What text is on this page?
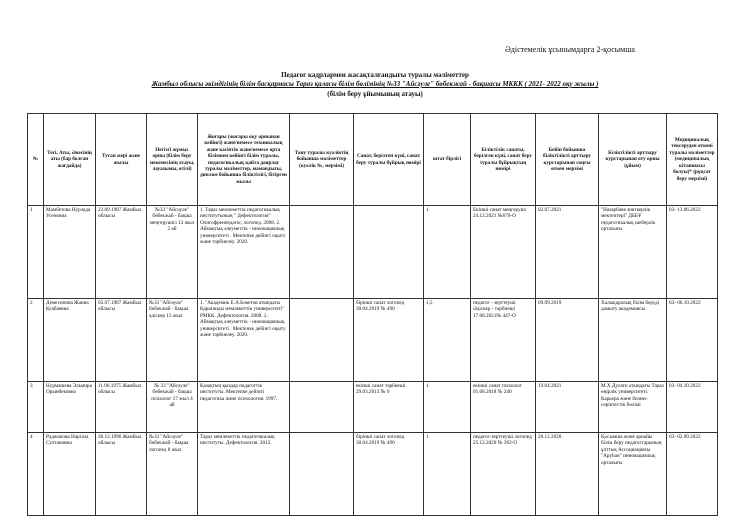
Әдістемелік ұсынымдарға 2-қосымша
Педагог кадрлармен жасақталғандығы туралы мәліметтер
Жамбыл облысы әкімдігінің білім басқармасы Тараз қаласы білім бөлімінің №33 "Айсәуле" бөбекжай - бақшасы МККК ( 2021- 2022 оқу жылы )
(білім беру ұйымының атауы)
№	Тегі, Аты, Әкесінің аты (бар болған жағдайда)	Туған жері және жылы	Негізгі жұмыс орны (білім беру мекемесінің атауы, лауазымы, өтілі)	Жоғары (жоғары оқу орнынан кейінгі) және/немесе техникалық және кәсіптік және/немесе орта білімнен кейінгі білім туралы, педагогикалық қайта даярлау туралы мәліметтер, мамандығы, диплом бойынша біліктілігі, бітірген жылы	Тану туралы куәліктің бойынша мәліметтер (куәлік №, мерзімі)	Санат, берілген күні, санат беру туралы бұйрық нөмірі	штат бірлігі	Біліктілік санаты, берілген күні, санат беру туралы бұйрықтың нөмірі	Бейін бойынша біліктілікті арттыру курстарынан соңғы өткен мерзімі	Біліктілікті арттыру курстарынан оту орны (ұйым)	Медициналық тексеруден өткені туралы мәліметтер (медициналық кітапшасы болуы)* (рұқсат беру мерзімі)
1	Мамбетова Нурзада Усеновна	22.09.1987 Жамбыл облысы	№33 "Айсәуле" бөбекжай - бақша меңгерушісі 13 жыл 2 ай	1. Тараз мемлекеттік педагогикалық институтының " Дефектология" Олигофренпедагог, логопед. 2008. 2. Аймақтық әлеуметтік - инновациялық университеті . Мектепке дейінгі оқыту және тәрбиелеу. 2020.			1	Екінші санат меңгеруші 24.12.2021 №670-О	02.07.2021	"Назарбаев зияткерлік мектептері" ДББҰ педагогикалық шеберлік орталығы	03- 13.06.2022
2	Демесинова Жанна Куабаевна	05.07.1987 Жамбыл облысы	№33 "Айсәуле" бөбекжай - бақша әдіскер 13 жыл	1. "Академик Е.А.Бөкетов атындағы Қарағанды мемлекеттік университеті" РМКК. Дефектология. 2008. 2. Аймақтық әлеуметтік - инновациялық университеті . Мектепке дейінгі оқыту және тәрбиелеу. 2020.		бірінші санат логопед 30.04.2019 № 490	1,5	педагог - зерттеуші Әдіскер - тәрбиеші 17.08.2021№ 447-О	09.09.2019	Халықаралық білім беруді дамыту академиясы	03- 06.10.2022
3	Нурмашева Эльмира Орынбековна	11.06.1975 Жамбыл облысы	№ 33 "Айсәуле" бөбекжай - бақша психолог 17 жыл 4 ай	Қазақтың қыздар педагогтік институты. Мектепке дейінгі педагогика және психология. 1997.		екінші санат тәрбиеші 29.03.2013 № 9	1	екінші санат психолог 01.08.2018 № 240	19.04.2021	М.Х.Дулати атындағы Тараз өңірлік университеті. Карьера және бизнес серіктестік бөлімі	03- 04.10.2022
4	Раджапова Наргаза Султановна	30.12.1990 Жамбыл облысы	№33 "Айсәуле" бөбекжай - бақша логопед 8 жыл	Тараз мемлекеттік педагогикалық институты. Дефектология. 2012.		бірінші санат логопед 30.04.2019 № 490	1	педагог-зерттеуші логопед 25.12.2020 № 392-О	20.12.2020	Қосымша және арнайы білім беру педагогтарының ұлттық Ассоциациясы "Аруһан" инновациялық орталығы	03- 02.09.2022
